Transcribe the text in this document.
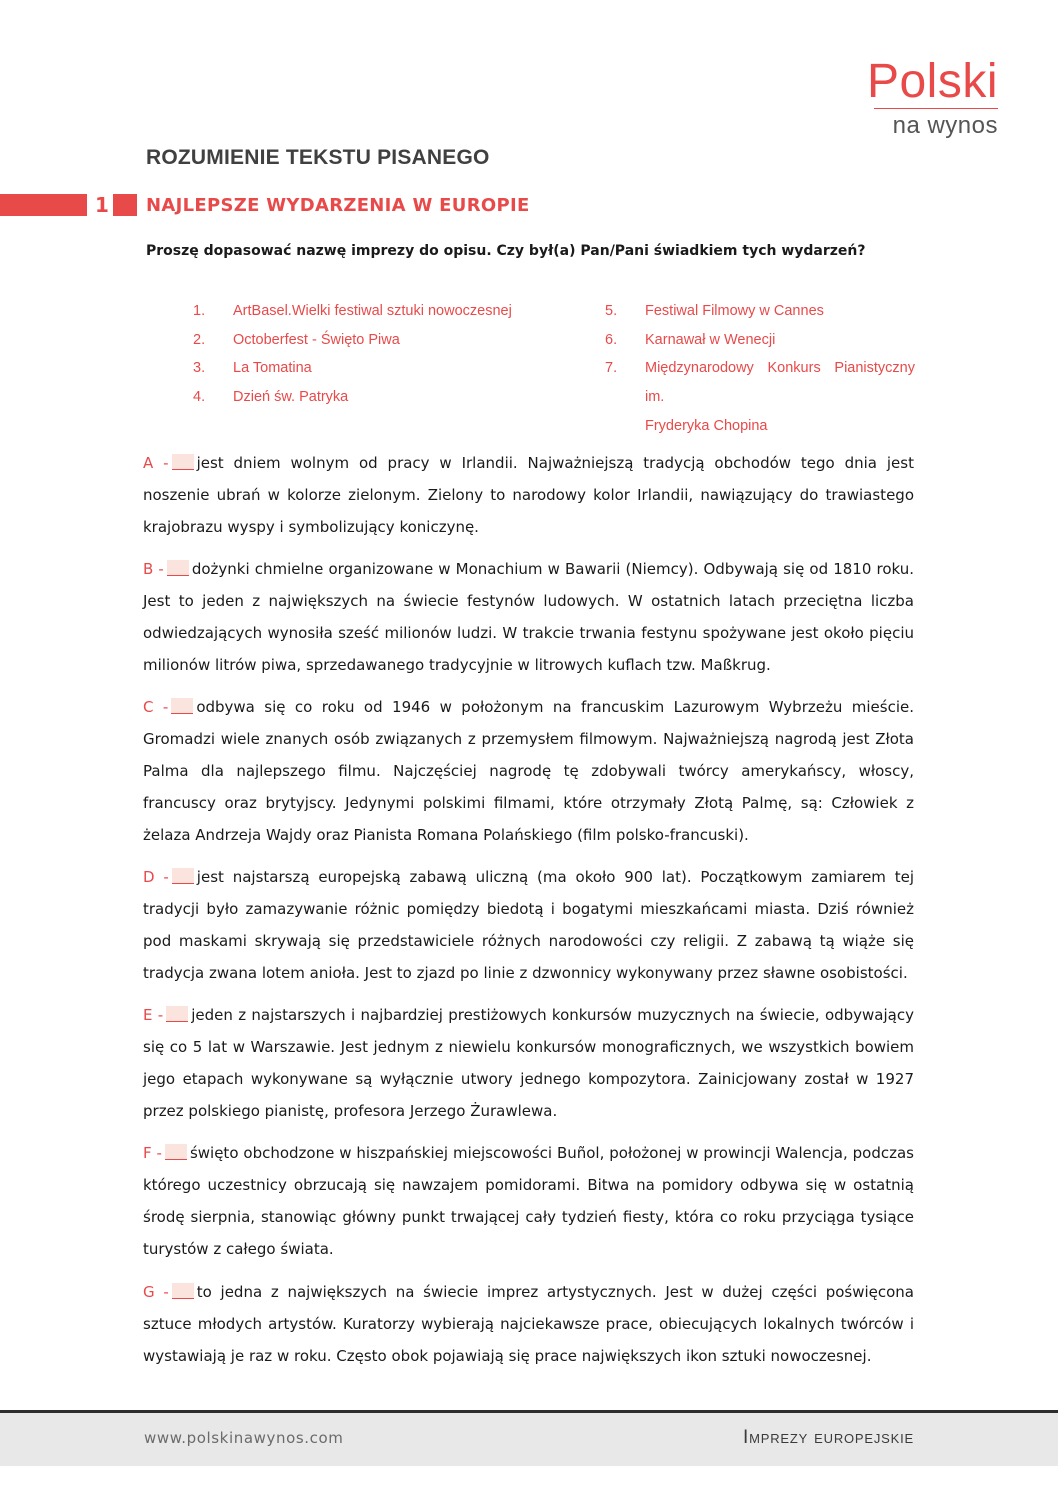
Polski
na wynos
ROZUMIENIE TEKSTU PISANEGO
1 NAJLEPSZE WYDARZENIA W EUROPIE
Proszę dopasować nazwę imprezy do opisu. Czy był(a) Pan/Pani świadkiem tych wydarzeń?
1.	ArtBasel.Wielki festiwal sztuki nowoczesnej
2.	Octoberfest - Święto Piwa
3.	La Tomatina
4.	Dzień św. Patryka
5.	Festiwal Filmowy w Cannes
6.	Karnawał w Wenecji
7.	Międzynarodowy Konkurs Pianistyczny im.
Fryderyka Chopina
A - jest dniem wolnym od pracy w Irlandii. Najważniejszą tradycją obchodów tego dnia jest noszenie ubrań w kolorze zielonym. Zielony to narodowy kolor Irlandii, nawiązujący do trawiastego krajobrazu wyspy i symbolizujący koniczynę.
B - dożynki chmielne organizowane w Monachium w Bawarii (Niemcy). Odbywają się od 1810 roku. Jest to jeden z największych na świecie festynów ludowych. W ostatnich latach przeciętna liczba odwiedzających wynosiła sześć milionów ludzi. W trakcie trwania festynu spożywane jest około pięciu milionów litrów piwa, sprzedawanego tradycyjnie w litrowych kuflach tzw. Maßkrug.
C - odbywa się co roku od 1946 w położonym na francuskim Lazurowym Wybrzeżu mieście. Gromadzi wiele znanych osób związanych z przemysłem filmowym. Najważniejszą nagrodą jest Złota Palma dla najlepszego filmu. Najczęściej nagrodę tę zdobywali twórcy amerykańscy, włoscy, francuscy oraz brytyjscy. Jedynymi polskimi filmami, które otrzymały Złotą Palmę, są: Człowiek z żelaza Andrzeja Wajdy oraz Pianista Romana Polańskiego (film polsko-francuski).
D - jest najstarszą europejską zabawą uliczną (ma około 900 lat). Początkowym zamiarem tej tradycji było zamazywanie różnic pomiędzy biedotą i bogatymi mieszkańcami miasta. Dziś również pod maskami skrywają się przedstawiciele różnych narodowości czy religii. Z zabawą tą wiąże się tradycja zwana lotem anioła. Jest to zjazd po linie z dzwonnicy wykonywany przez sławne osobistości.
E - jeden z najstarszych i najbardziej prestiżowych konkursów muzycznych na świecie, odbywający się co 5 lat w Warszawie. Jest jednym z niewielu konkursów monograficznych, we wszystkich bowiem jego etapach wykonywane są wyłącznie utwory jednego kompozytora. Zainicjowany został w 1927 przez polskiego pianistę, profesora Jerzego Żurawlewa.
F - święto obchodzone w hiszpańskiej miejscowości Buñol, położonej w prowincji Walencja, podczas którego uczestnicy obrzucają się nawzajem pomidorami. Bitwa na pomidory odbywa się w ostatnią środę sierpnia, stanowiąc główny punkt trwającej cały tydzień fiesty, która co roku przyciąga tysiące turystów z całego świata.
G - to jedna z największych na świecie imprez artystycznych. Jest w dużej części poświęcona sztuce młodych artystów. Kuratorzy wybierają najciekawsze prace, obiecujących lokalnych twórców i wystawiają je raz w roku. Często obok pojawiają się prace największych ikon sztuki nowoczesnej.
www.polskinawynos.com	Imprezy europejskie
